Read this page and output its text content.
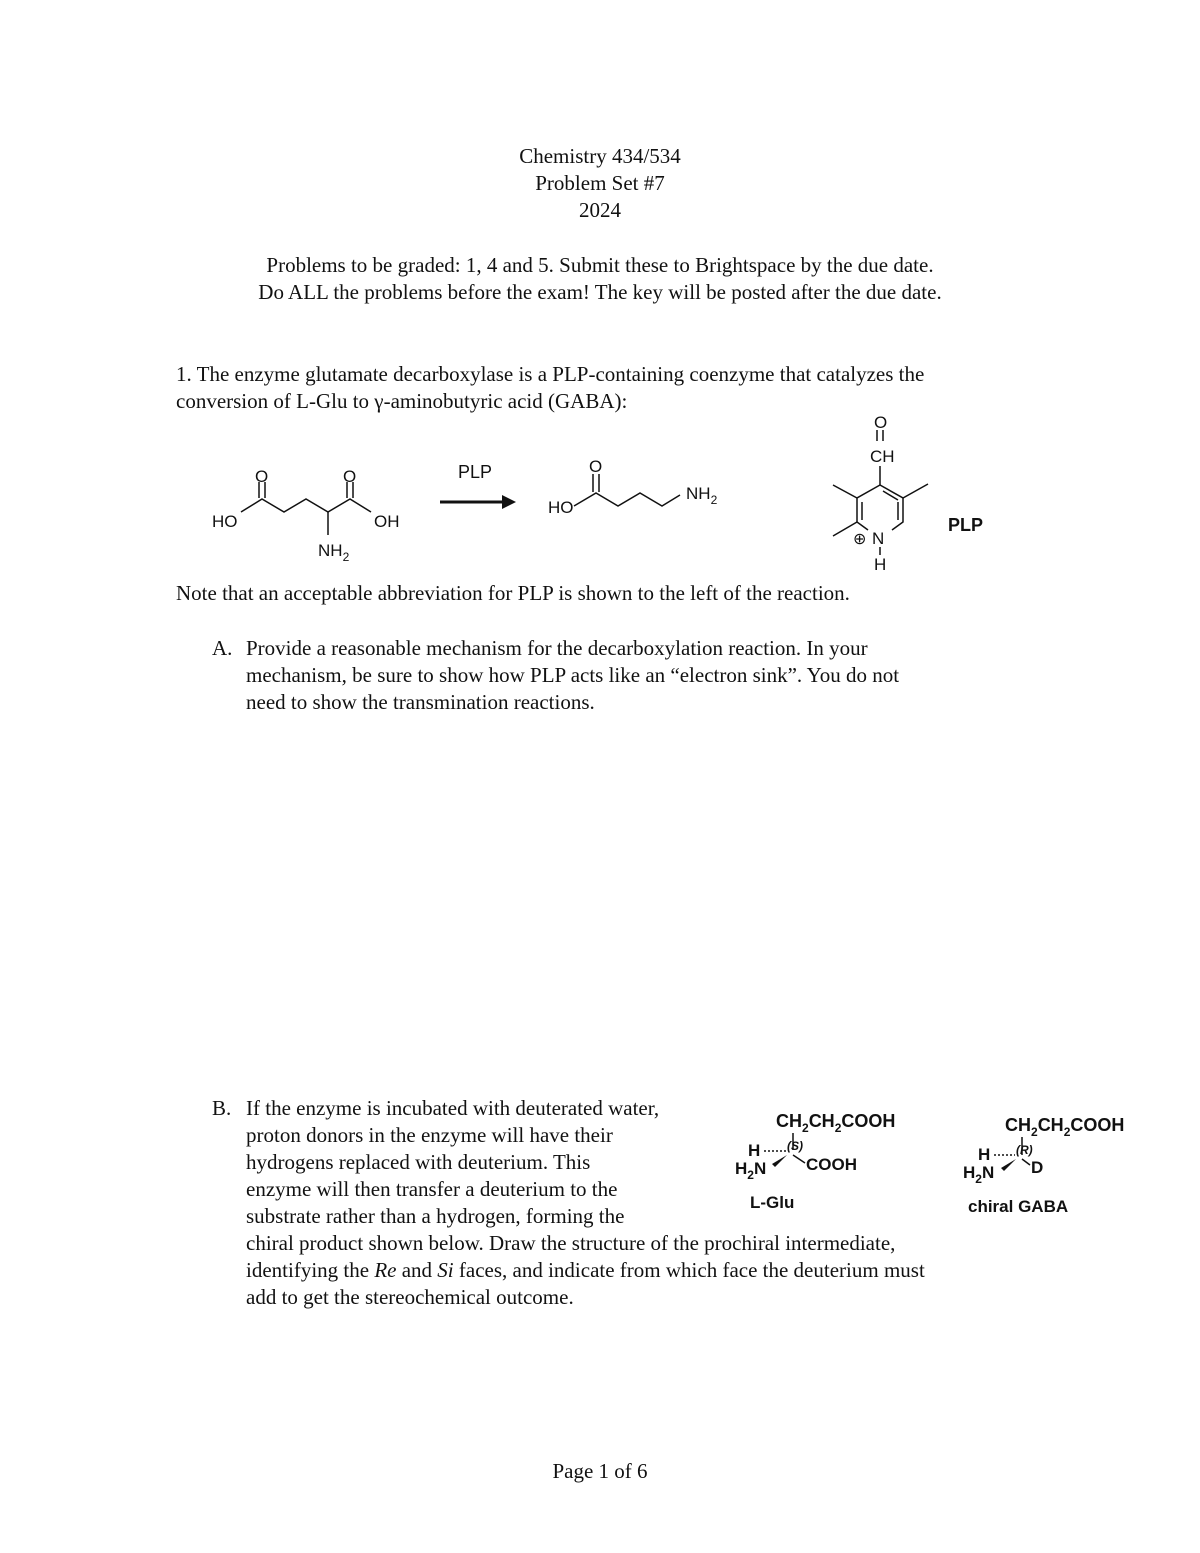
Chemistry 434/534
Problem Set #7
2024
Problems to be graded: 1, 4 and 5. Submit these to Brightspace by the due date.
Do ALL the problems before the exam! The key will be posted after the due date.
1. The enzyme glutamate decarboxylase is a PLP-containing coenzyme that catalyzes the
conversion of L-Glu to γ-aminobutyric acid (GABA):
HO	OH
O	O
$NH_2$
PLP
HO
O
$NH_2$
O
CH
⊕ N
H
PLP
Note that an acceptable abbreviation for PLP is shown to the left of the reaction.
A. Provide a reasonable mechanism for the decarboxylation reaction. In your
mechanism, be sure to show how PLP acts like an “electron sink”. You do not
need to show the transmination reactions.
B. If the enzyme is incubated with deuterated water,
proton donors in the enzyme will have their
hydrogens replaced with deuterium. This
enzyme will then transfer a deuterium to the
substrate rather than a hydrogen, forming the
chiral product shown below. Draw the structure of the prochiral intermediate,
identifying the Re and Si faces, and indicate from which face the deuterium must
add to get the stereochemical outcome.
$CH_2CH_2COOH$
H (S)
$H_2N$ COOH
L-Glu
$CH_2CH_2COOH$
H (R)
$H_2N$ D
chiral GABA
Page 1 of 6
